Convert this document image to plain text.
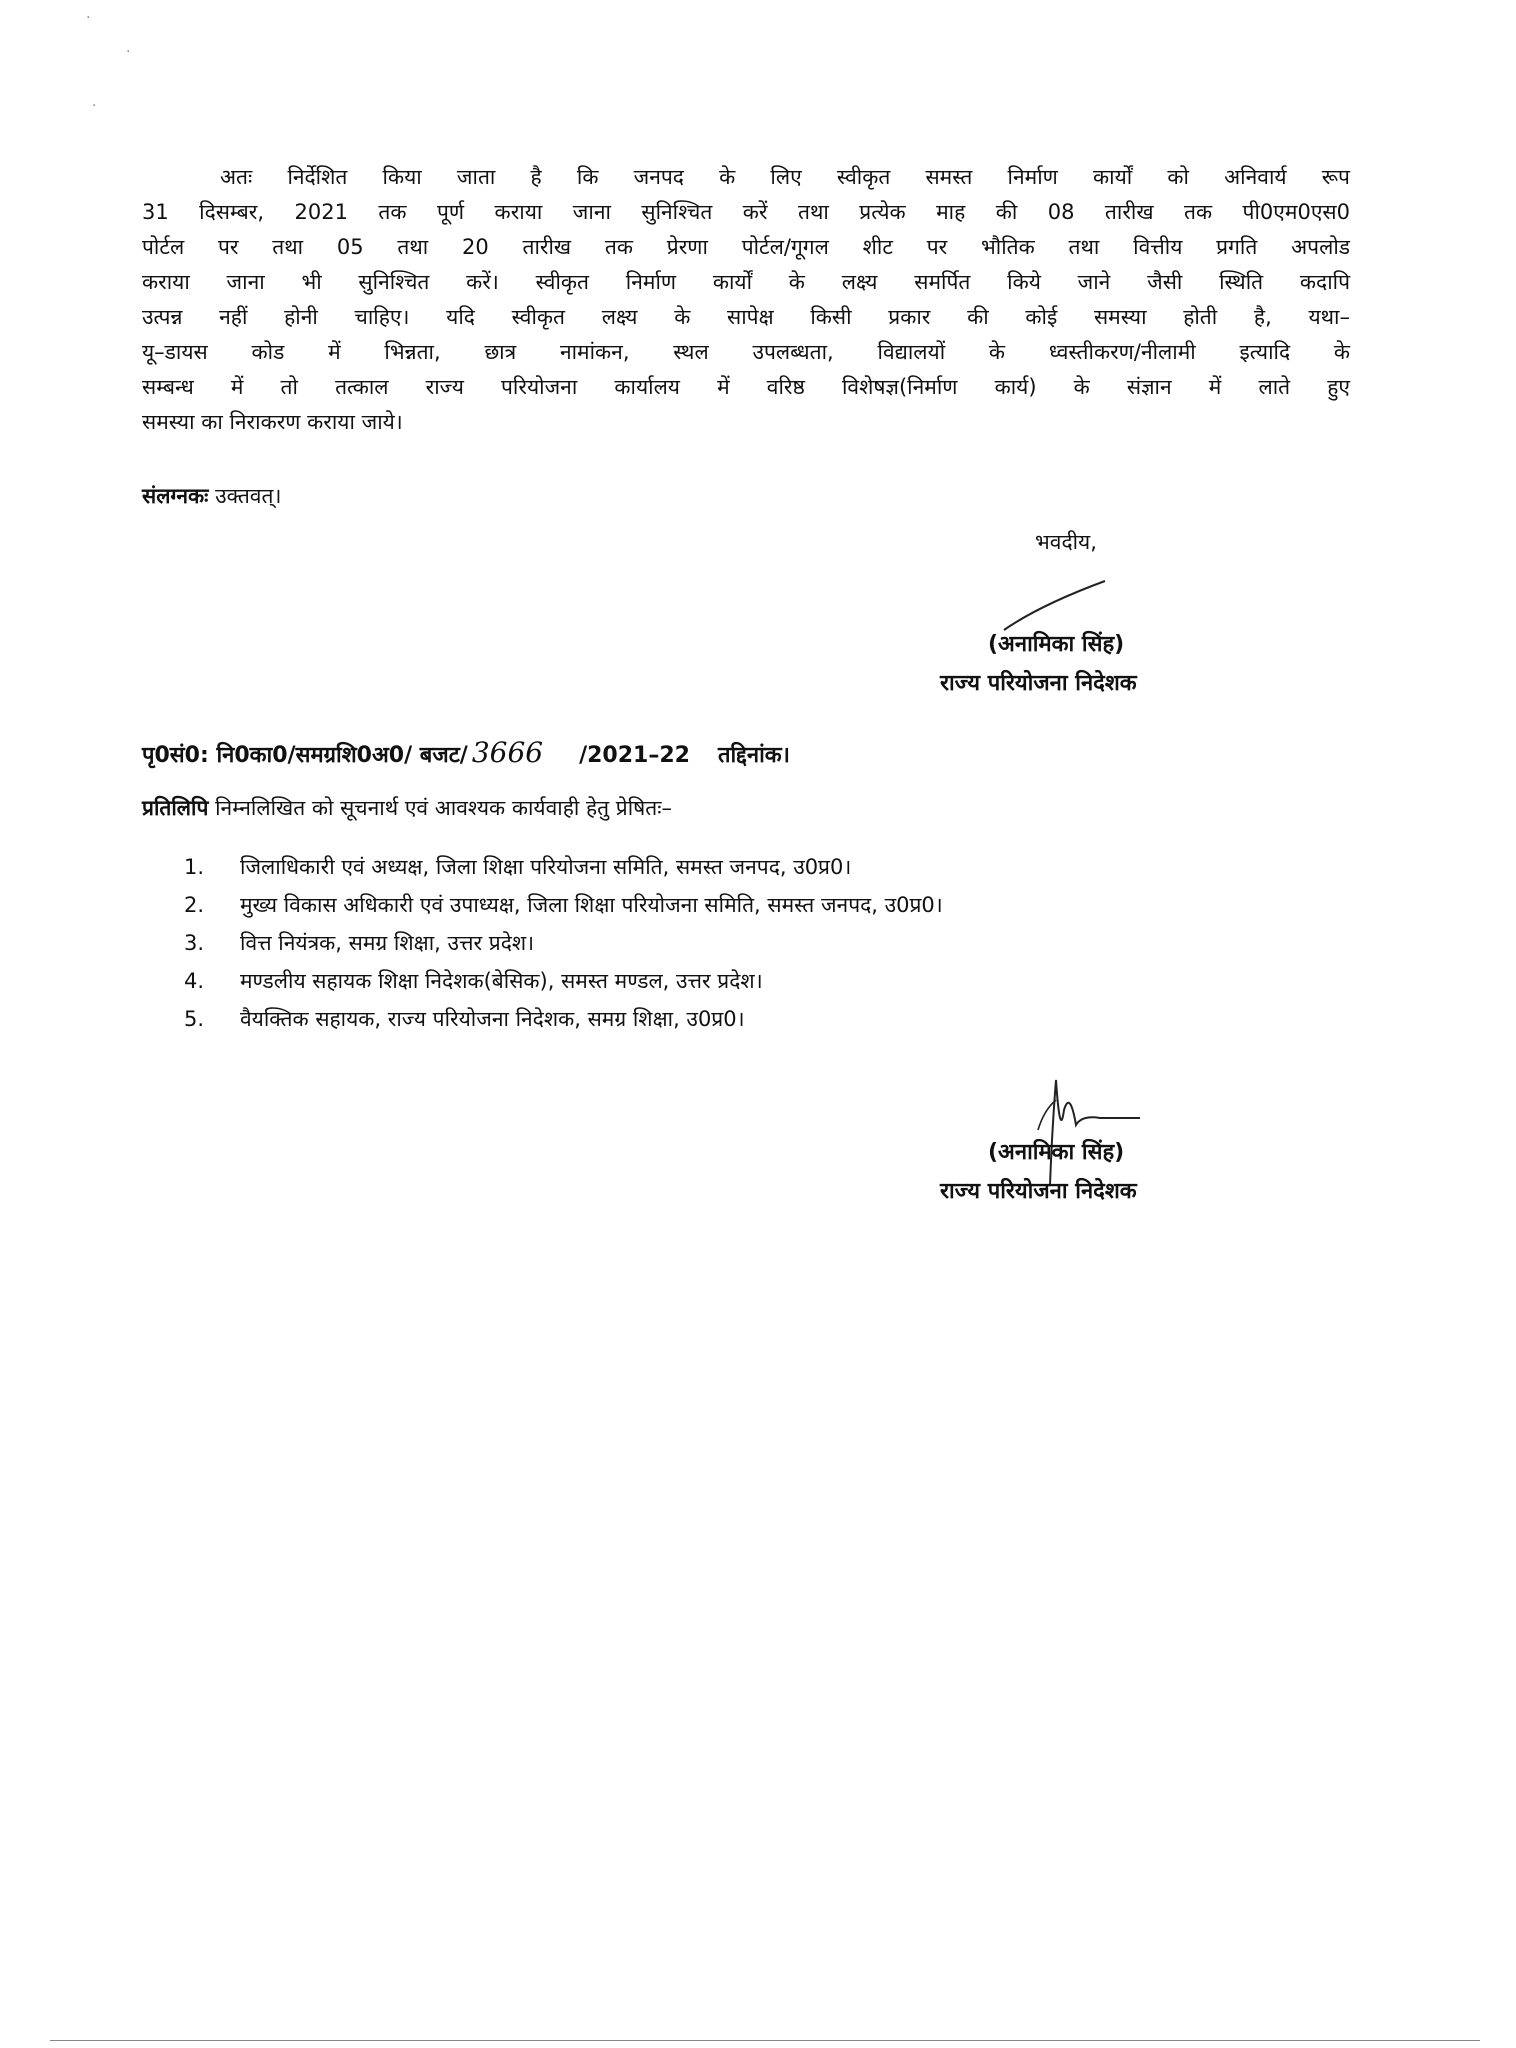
·
·
·
अतः निर्देशित किया जाता है कि जनपद के लिए स्वीकृत समस्त निर्माण कार्यों को अनिवार्य रूप
31 दिसम्बर, 2021 तक पूर्ण कराया जाना सुनिश्चित करें तथा प्रत्येक माह की 08 तारीख तक पी0एम0एस0
पोर्टल पर तथा 05 तथा 20 तारीख तक प्रेरणा पोर्टल/गूगल शीट पर भौतिक तथा वित्तीय प्रगति अपलोड
कराया जाना भी सुनिश्चित करें। स्वीकृत निर्माण कार्यों के लक्ष्य समर्पित किये जाने जैसी स्थिति कदापि
उत्पन्न नहीं होनी चाहिए। यदि स्वीकृत लक्ष्य के सापेक्ष किसी प्रकार की कोई समस्या होती है, यथा–
यू–डायस कोड में भिन्नता, छात्र नामांकन, स्थल उपलब्धता, विद्यालयों के ध्वस्तीकरण/नीलामी इत्यादि के
सम्बन्ध में तो तत्काल राज्य परियोजना कार्यालय में वरिष्ठ विशेषज्ञ(निर्माण कार्य) के संज्ञान में लाते हुए
समस्या का निराकरण कराया जाये।
संलग्नकः उक्तवत्।
भवदीय,
(अनामिका सिंह)
राज्य परियोजना निदेशक
पृ0सं0: नि0का0/समग्रशि0अ0/ बजट/ 3666 /2021–22 तद्दिनांक।
प्रतिलिपि निम्नलिखित को सूचनार्थ एवं आवश्यक कार्यवाही हेतु प्रेषितः–
1. जिलाधिकारी एवं अध्यक्ष, जिला शिक्षा परियोजना समिति, समस्त जनपद, उ0प्र0।
2. मुख्य विकास अधिकारी एवं उपाध्यक्ष, जिला शिक्षा परियोजना समिति, समस्त जनपद, उ0प्र0।
3. वित्त नियंत्रक, समग्र शिक्षा, उत्तर प्रदेश।
4. मण्डलीय सहायक शिक्षा निदेशक(बेसिक), समस्त मण्डल, उत्तर प्रदेश।
5. वैयक्तिक सहायक, राज्य परियोजना निदेशक, समग्र शिक्षा, उ0प्र0।
(अनामिका सिंह)
राज्य परियोजना निदेशक
